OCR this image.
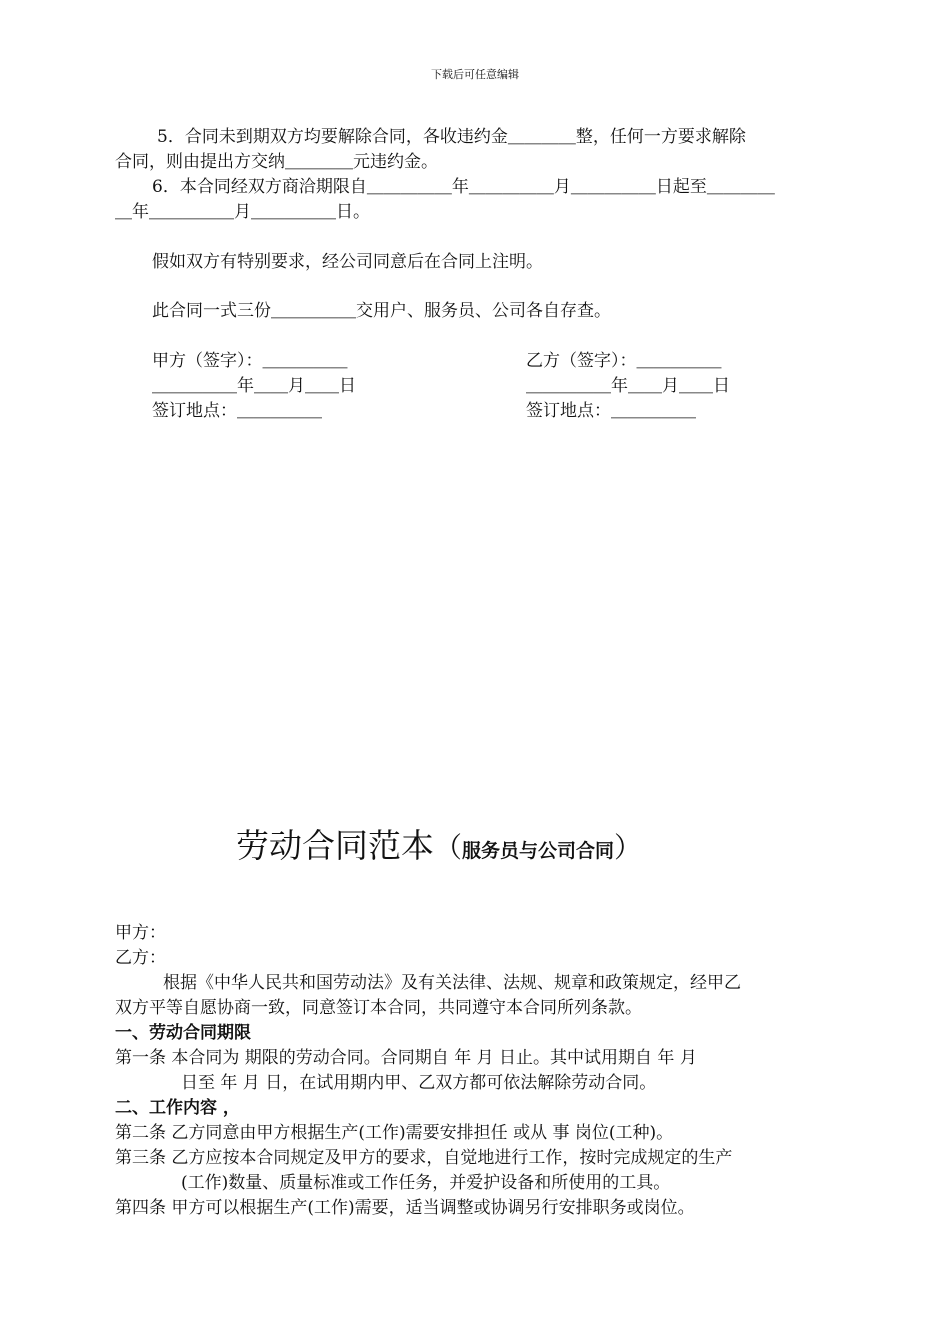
下载后可任意编辑
5．合同未到期双方均要解除合同，各收违约金＿＿＿＿整，任何一方要求解除
合同，则由提出方交纳＿＿＿＿元违约金。
6．本合同经双方商洽期限自＿＿＿＿＿年＿＿＿＿＿月＿＿＿＿＿日起至＿＿＿＿
＿年＿＿＿＿＿月＿＿＿＿＿日。
假如双方有特别要求，经公司同意后在合同上注明。
此合同一式三份＿＿＿＿＿交用户、服务员、公司各自存查。
甲方（签字）：＿＿＿＿＿
＿＿＿＿＿年＿＿月＿＿日
签订地点：＿＿＿＿＿
乙方（签字）：＿＿＿＿＿
＿＿＿＿＿年＿＿月＿＿日
签订地点：＿＿＿＿＿
劳动合同范本（服务员与公司合同）
甲方：
乙方：
根据《中华人民共和国劳动法》及有关法律、法规、规章和政策规定，经甲乙
双方平等自愿协商一致，同意签订本合同，共同遵守本合同所列条款。
一、劳动合同期限
第一条 本合同为 期限的劳动合同。合同期自 年 月 日止。其中试用期自 年 月
日至 年 月 日，在试用期内甲、乙双方都可依法解除劳动合同。
二、工作内容 ，
第二条 乙方同意由甲方根据生产(工作)需要安排担任 或从 事 岗位(工种)。
第三条 乙方应按本合同规定及甲方的要求，自觉地进行工作，按时完成规定的生产
(工作)数量、质量标准或工作任务，并爱护设备和所使用的工具。
第四条 甲方可以根据生产(工作)需要，适当调整或协调另行安排职务或岗位。
